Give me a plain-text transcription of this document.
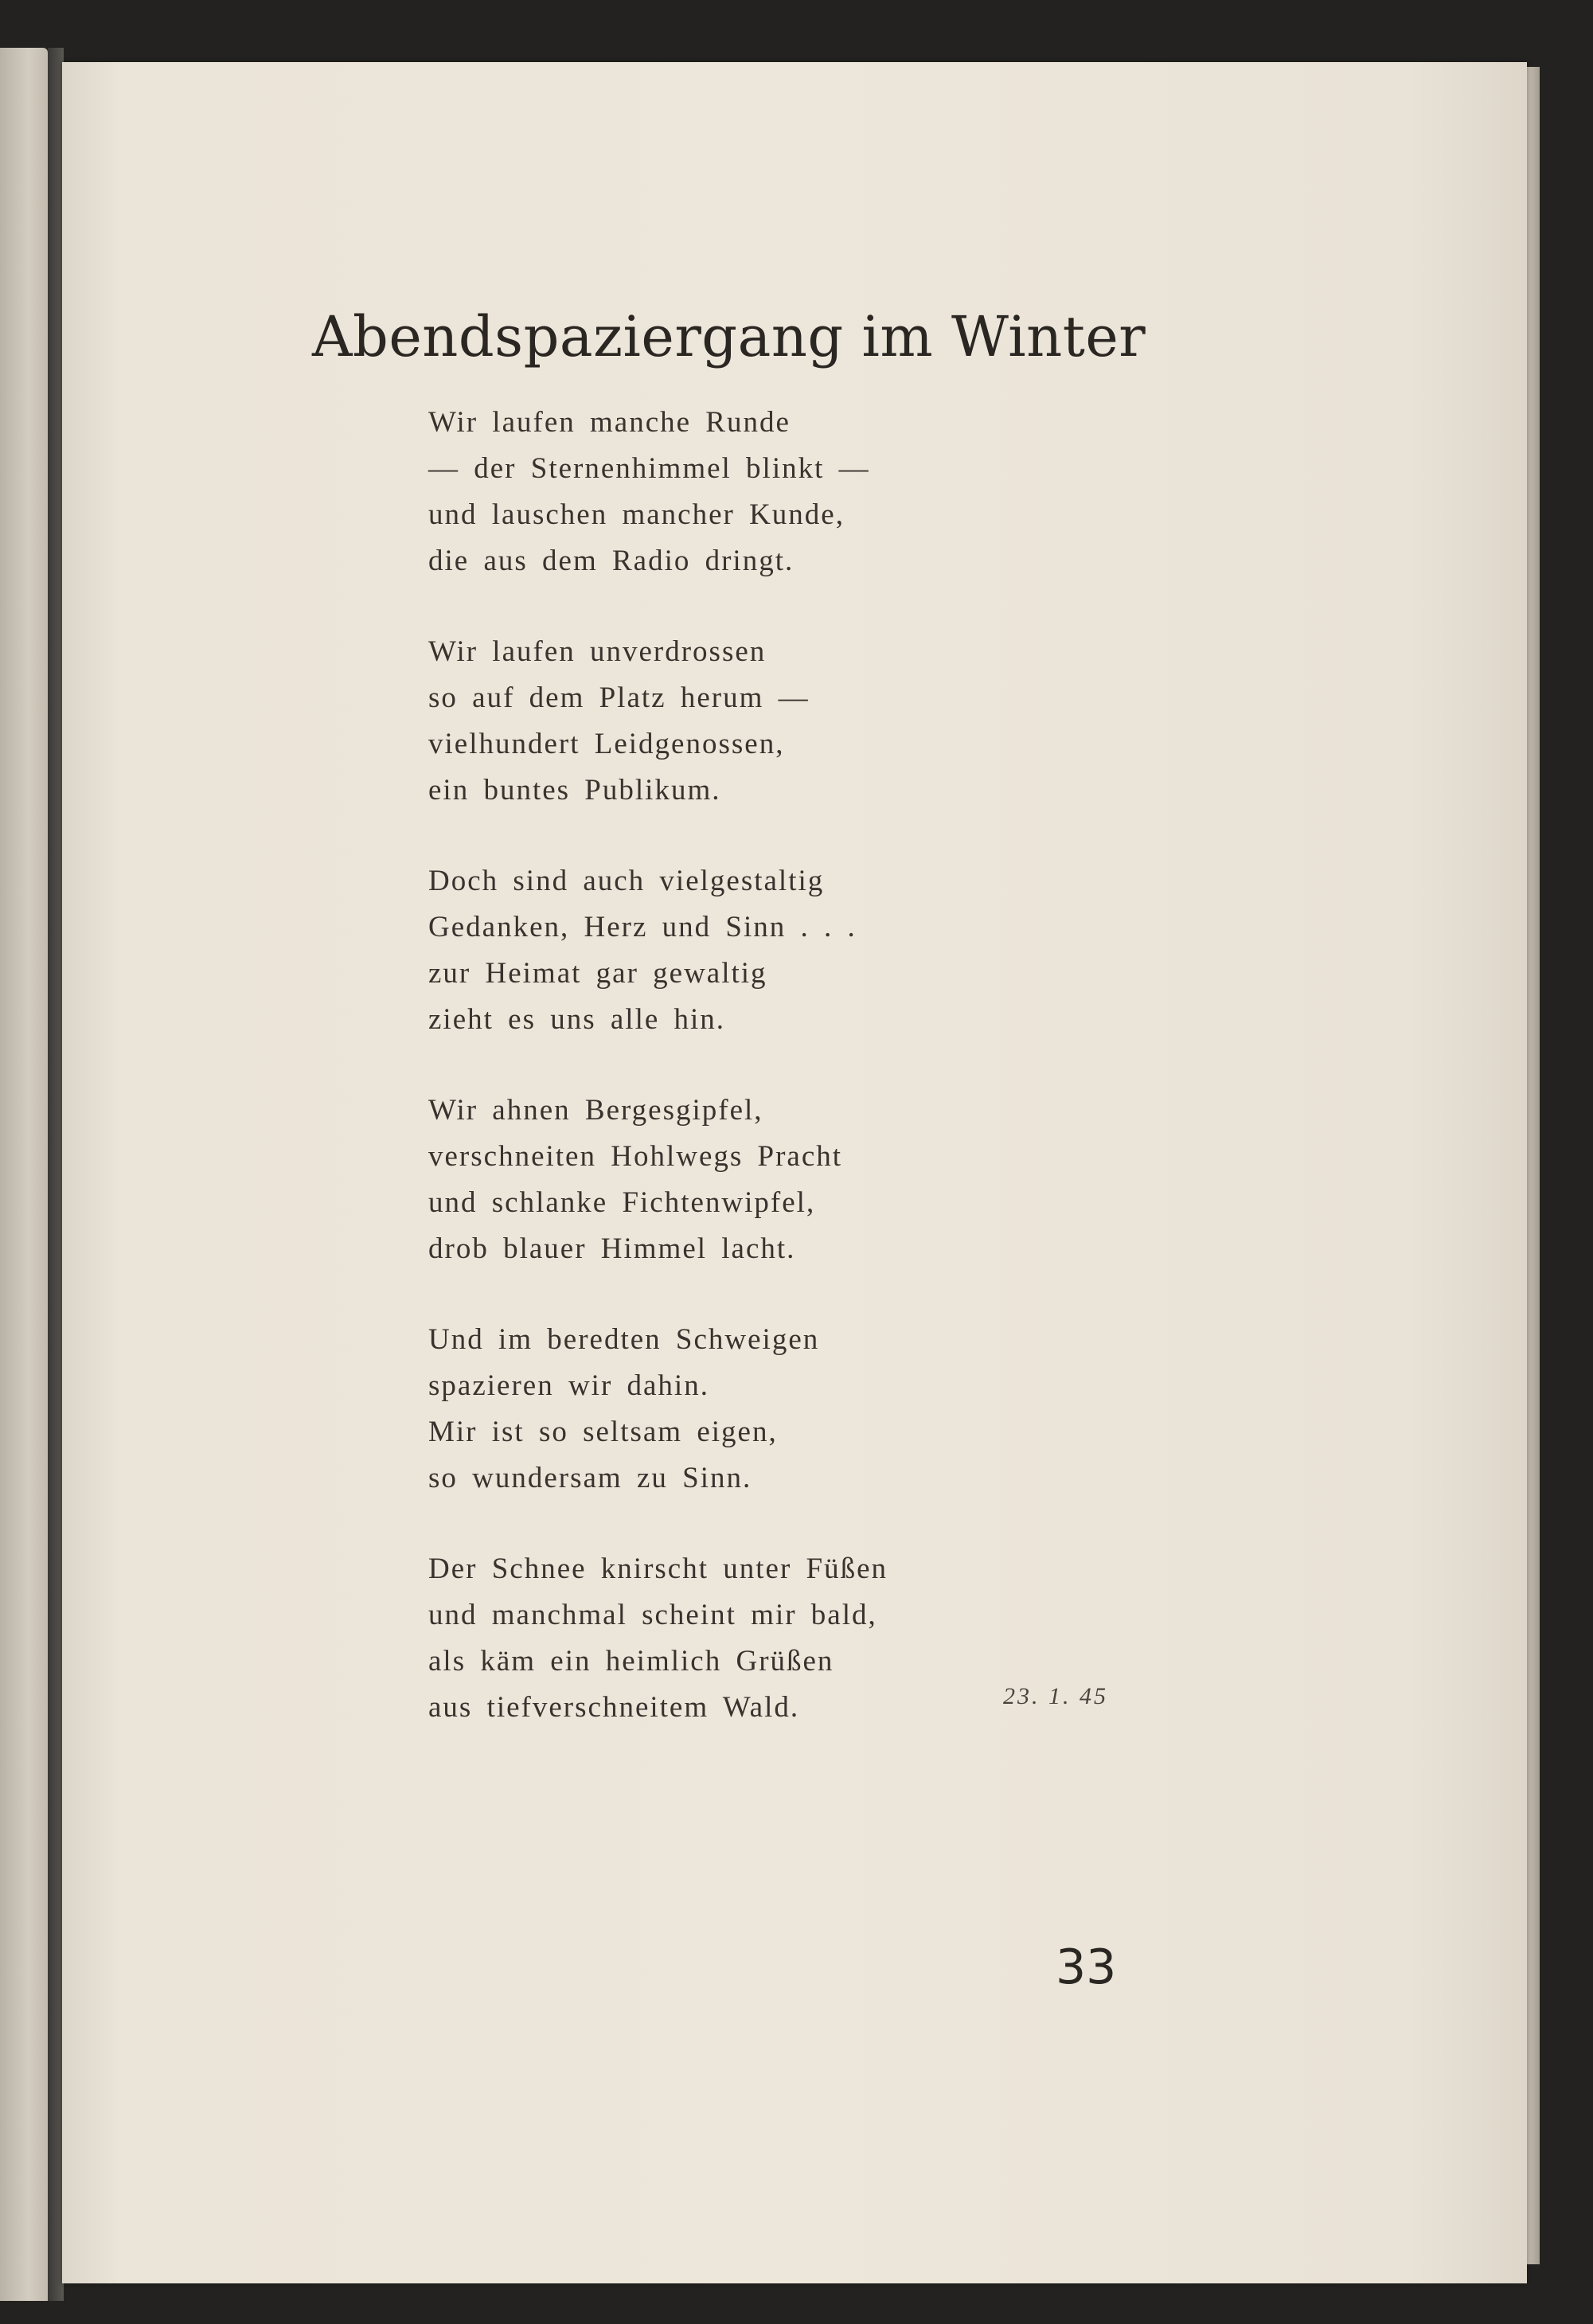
Abendspaziergang im Winter
Wir laufen manche Runde
— der Sternenhimmel blinkt —
und lauschen mancher Kunde,
die aus dem Radio dringt.
Wir laufen unverdrossen
so auf dem Platz herum —
vielhundert Leidgenossen,
ein buntes Publikum.
Doch sind auch vielgestaltig
Gedanken, Herz und Sinn . . .
zur Heimat gar gewaltig
zieht es uns alle hin.
Wir ahnen Bergesgipfel,
verschneiten Hohlwegs Pracht
und schlanke Fichtenwipfel,
drob blauer Himmel lacht.
Und im beredten Schweigen
spazieren wir dahin.
Mir ist so seltsam eigen,
so wundersam zu Sinn.
Der Schnee knirscht unter Füßen
und manchmal scheint mir bald,
als käm ein heimlich Grüßen
aus tiefverschneitem Wald.	23. 1. 45
33
